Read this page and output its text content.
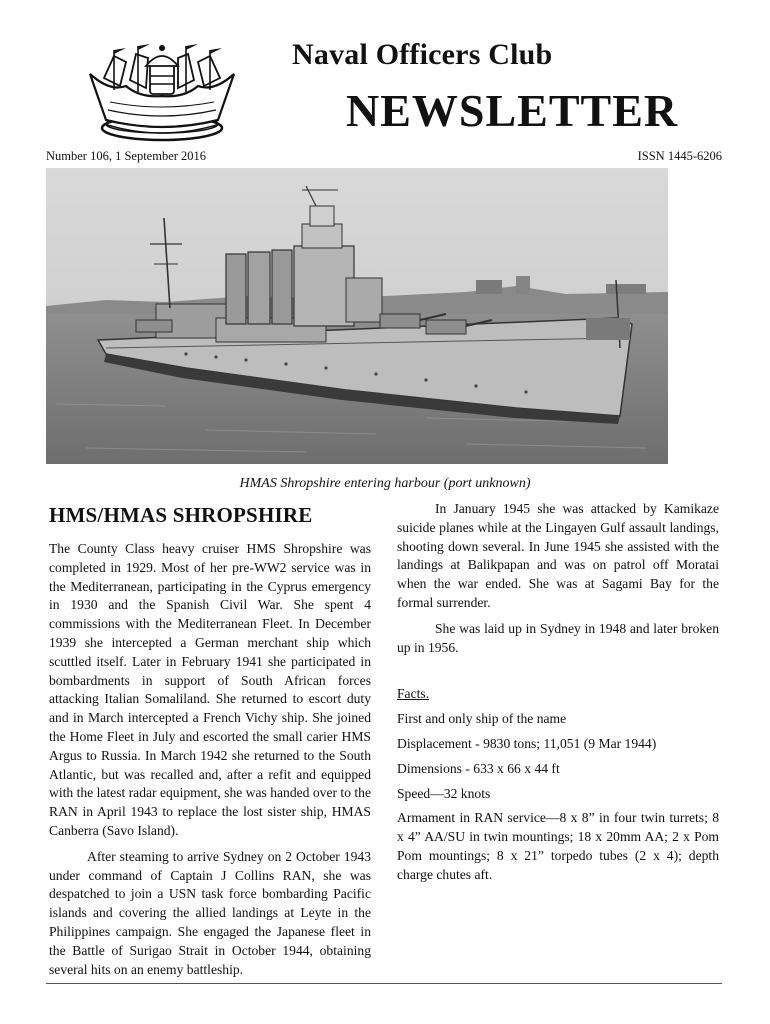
Naval Officers Club
NEWSLETTER
Number 106, 1 September 2016	ISSN 1445-6206
HMAS Shropshire entering harbour (port unknown)
HMS/HMAS SHROPSHIRE

The County Class heavy cruiser HMS Shropshire was completed in 1929. Most of her pre-WW2 service was in the Mediterranean, participating in the Cyprus emergency in 1930 and the Spanish Civil War. She spent 4 commissions with the Mediterranean Fleet. In December 1939 she intercepted a German merchant ship which scuttled itself. Later in February 1941 she participated in bombardments in support of South African forces attacking Italian Somaliland. She returned to escort duty and in March intercepted a French Vichy ship. She joined the Home Fleet in July and escorted the small carier HMS Argus to Russia. In March 1942 she returned to the South Atlantic, but was recalled and, after a refit and equipped with the latest radar equipment, she was handed over to the RAN in April 1943 to replace the lost sister ship, HMAS Canberra (Savo Island).

After steaming to arrive Sydney on 2 October 1943 under command of Captain J Collins RAN, she was despatched to join a USN task force bombarding Pacific islands and covering the allied landings at Leyte in the Philippines campaign. She engaged the Japanese fleet in the Battle of Surigao Strait in October 1944, obtaining several hits on an enemy battleship.

In January 1945 she was attacked by Kamikaze suicide planes while at the Lingayen Gulf assault landings, shooting down several. In June 1945 she assisted with the landings at Balikpapan and was on patrol off Moratai when the war ended. She was at Sagami Bay for the formal surrender.

She was laid up in Sydney in 1948 and later broken up in 1956.

Facts.

First and only ship of the name

Displacement - 9830 tons; 11,051 (9 Mar 1944)

Dimensions - 633 x 66 x 44 ft

Speed—32 knots

Armament in RAN service—8 x 8” in four twin turrets; 8 x 4” AA/SU in twin mountings; 18 x 20mm AA; 2 x Pom Pom mountings; 8 x 21” torpedo tubes (2 x 4); depth charge chutes aft.
